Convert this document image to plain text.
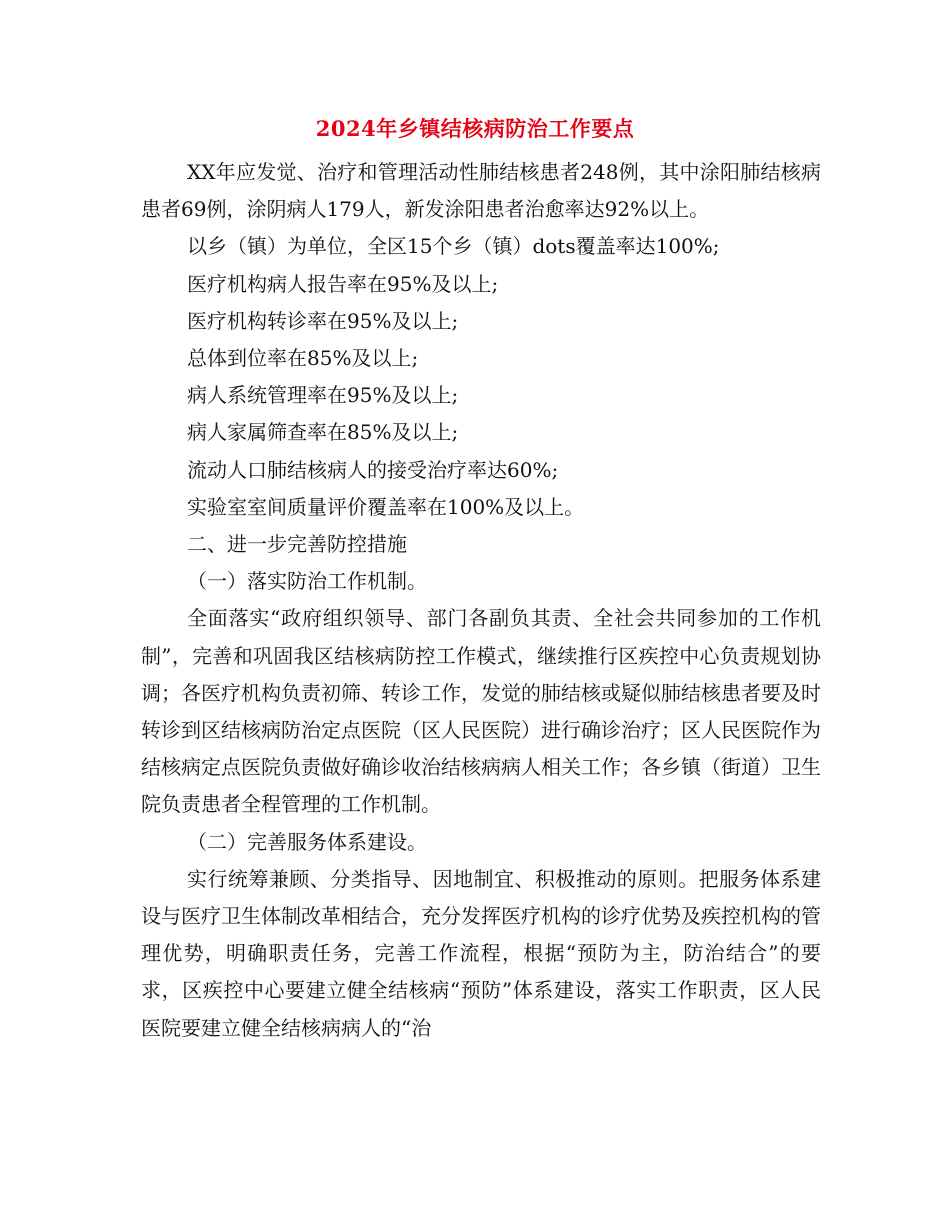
2024年乡镇结核病防治工作要点

XX年应发觉、治疗和管理活动性肺结核患者248例，其中涂阳肺结核病患者69例，涂阴病人179人，新发涂阳患者治愈率达92%以上。

以乡（镇）为单位，全区15个乡（镇）dots覆盖率达100%;

医疗机构病人报告率在95%及以上;

医疗机构转诊率在95%及以上;

总体到位率在85%及以上;

病人系统管理率在95%及以上;

病人家属筛查率在85%及以上;

流动人口肺结核病人的接受治疗率达60%;

实验室室间质量评价覆盖率在100%及以上。

二、进一步完善防控措施

（一）落实防治工作机制。

全面落实“政府组织领导、部门各副负其责、全社会共同参加的工作机制”，完善和巩固我区结核病防控工作模式，继续推行区疾控中心负责规划协调；各医疗机构负责初筛、转诊工作，发觉的肺结核或疑似肺结核患者要及时转诊到区结核病防治定点医院（区人民医院）进行确诊治疗；区人民医院作为结核病定点医院负责做好确诊收治结核病病人相关工作；各乡镇（街道）卫生院负责患者全程管理的工作机制。

（二）完善服务体系建设。

实行统筹兼顾、分类指导、因地制宜、积极推动的原则。把服务体系建设与医疗卫生体制改革相结合，充分发挥医疗机构的诊疗优势及疾控机构的管理优势，明确职责任务，完善工作流程，根据“预防为主，防治结合”的要求，区疾控中心要建立健全结核病“预防”体系建设，落实工作职责，区人民医院要建立健全结核病病人的“治
